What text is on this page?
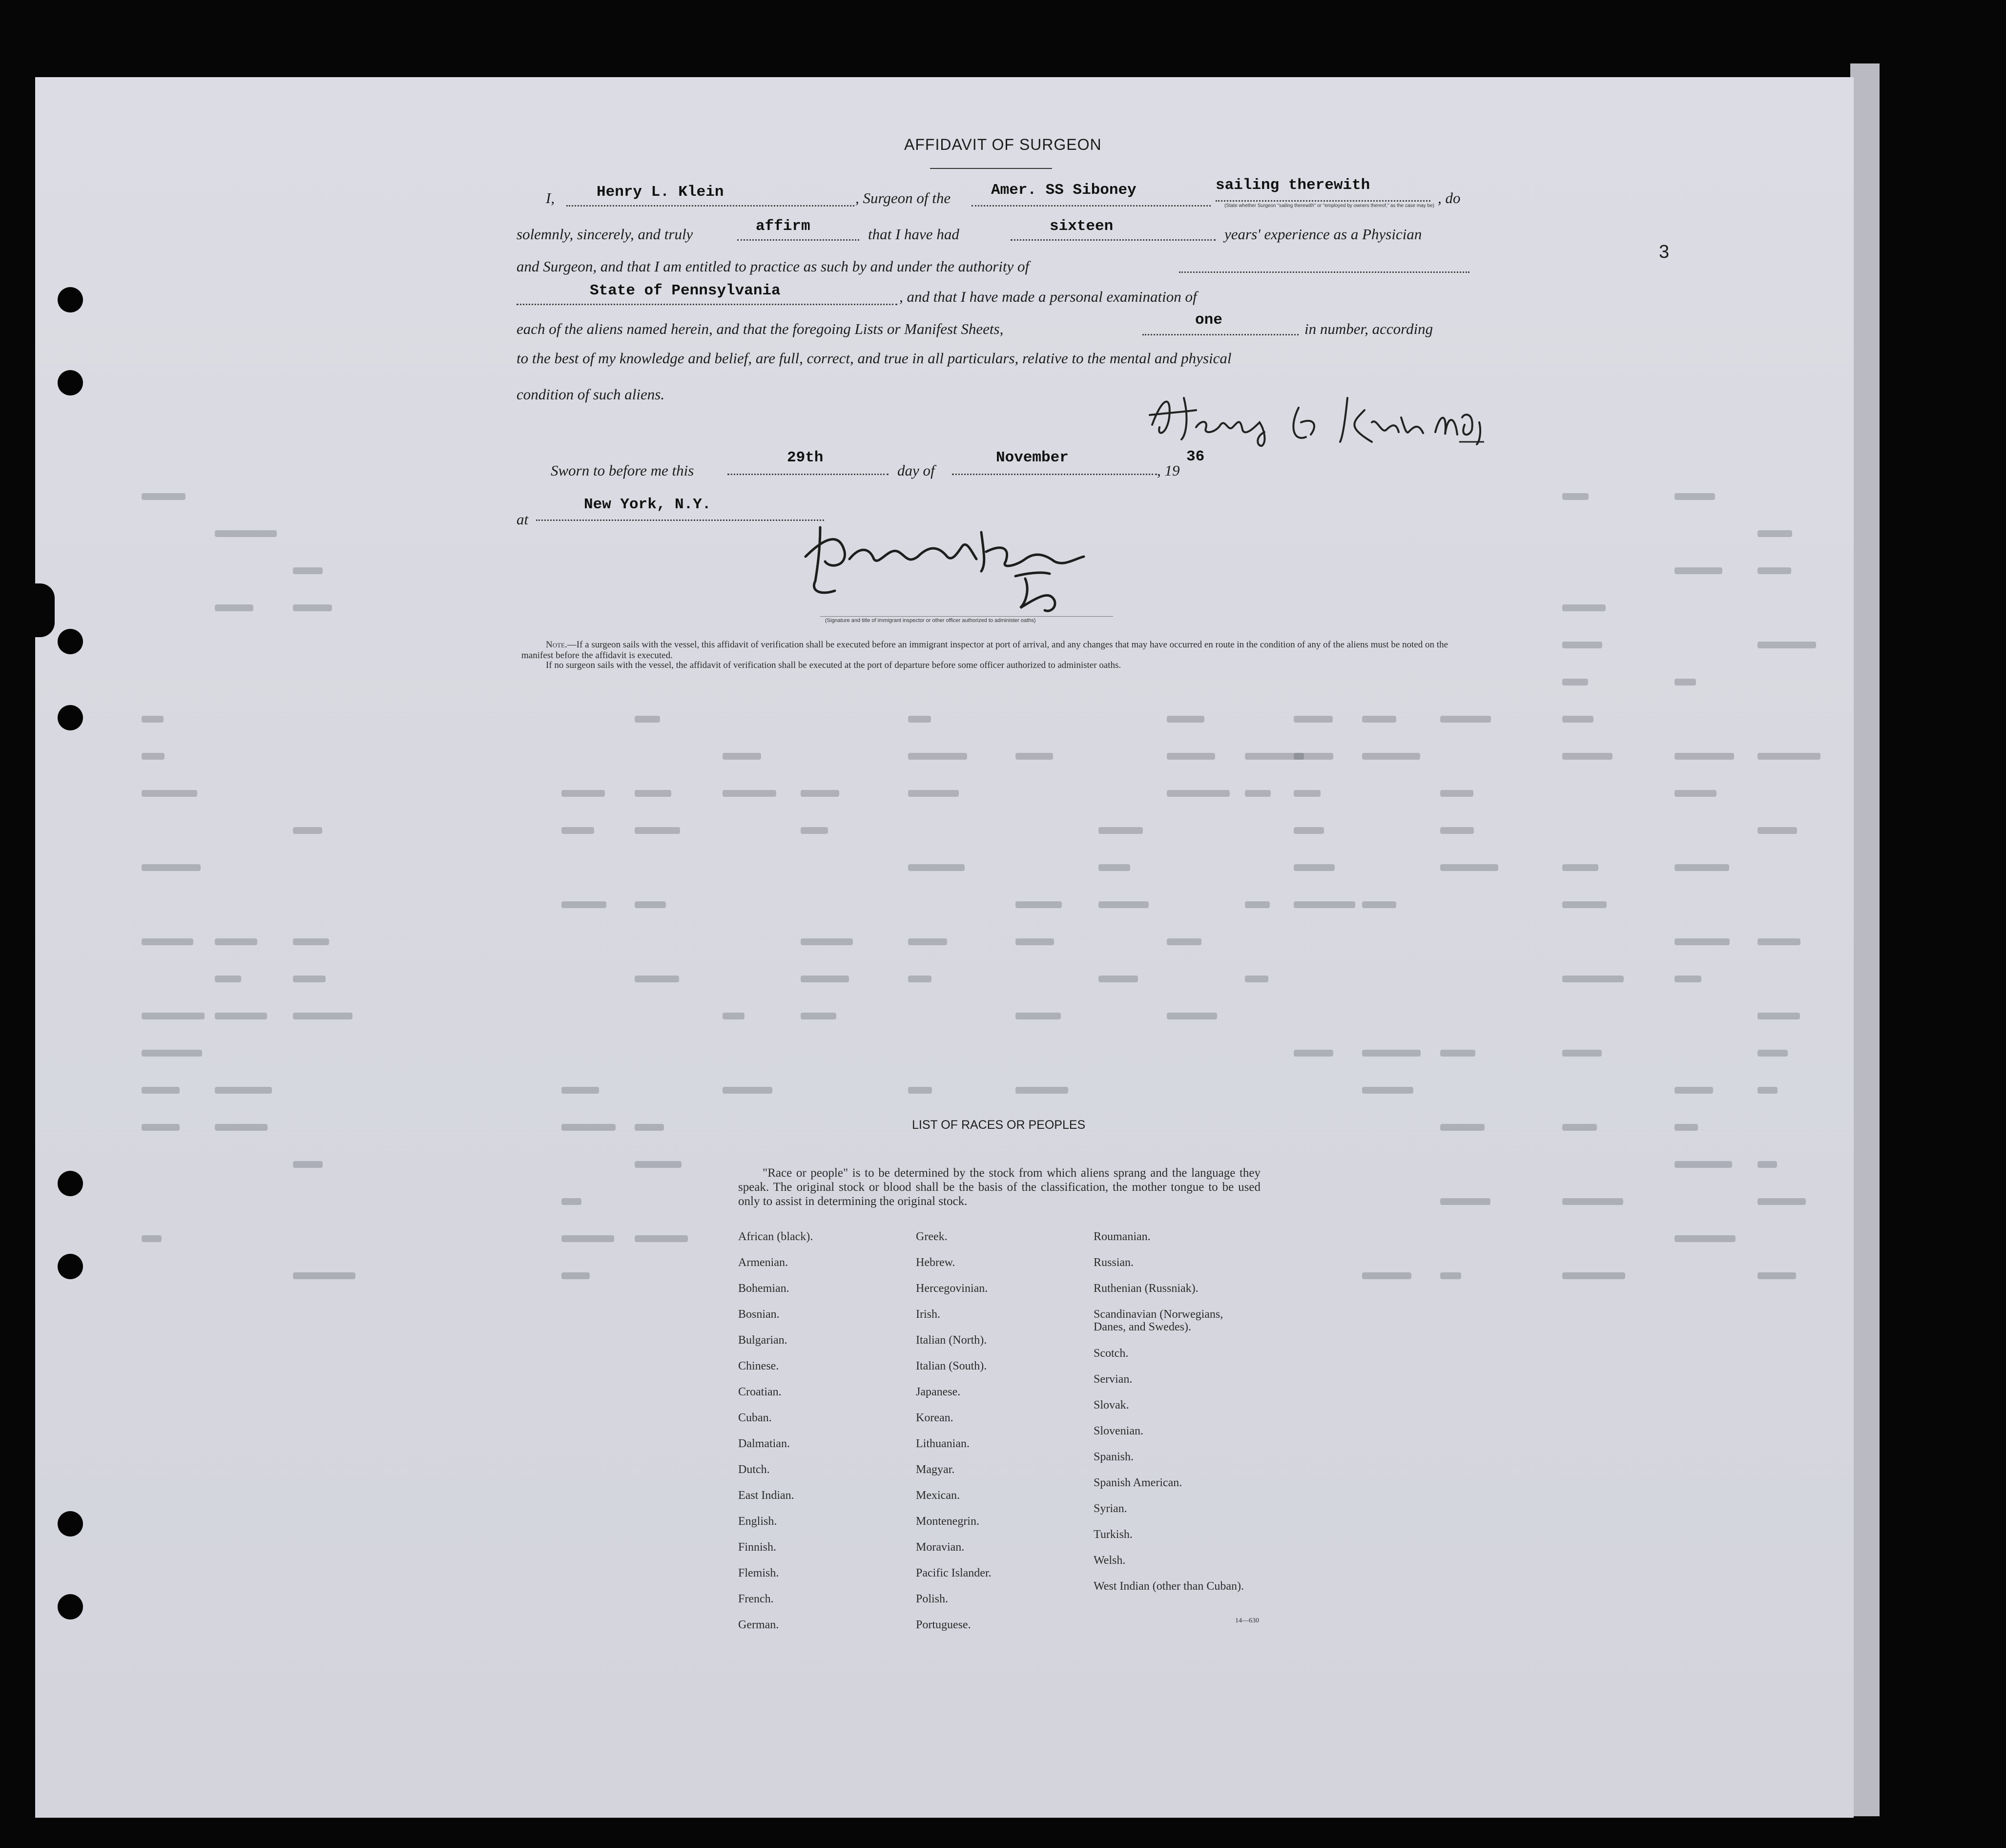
3
AFFIDAVIT OF SURGEON
I,	Henry L. Klein	, Surgeon of the	Amer. SS Siboney	sailing therewith
, do
(State whether Surgeon "sailing therewith" or "employed by owners thereof," as the case may be)
solemnly, sincerely, and truly	affirm	that I have had	sixteen	years' experience as a Physician
and Surgeon, and that I am entitled to practice as such by and under the authority of
State of Pennsylvania	, and that I have made a personal examination of
each of the aliens named herein, and that the foregoing Lists or Manifest Sheets,
one
in number, according
to the best of my knowledge and belief, are full, correct, and true in all particulars, relative to the mental and physical
condition of such aliens.
Sworn to before me this
29th
day of
November
, 19
36
at
New York, N.Y.
(Signature and title of immigrant inspector or other officer authorized to administer oaths)
Note.—If a surgeon sails with the vessel, this affidavit of verification shall be executed before an immigrant inspector at port of arrival, and any changes that may have occurred en route in the condition of any of the aliens must be noted on the manifest before the affidavit is executed.
If no surgeon sails with the vessel, the affidavit of verification shall be executed at the port of departure before some officer authorized to administer oaths.
LIST OF RACES OR PEOPLES
"Race or people" is to be determined by the stock from which aliens sprang and the language they speak. The original stock or blood shall be the basis of the classification, the mother tongue to be used only to assist in determining the original stock.
African (black).
Armenian.
Bohemian.
Bosnian.
Bulgarian.
Chinese.
Croatian.
Cuban.
Dalmatian.
Dutch.
East Indian.
English.
Finnish.
Flemish.
French.
German.
Greek.
Hebrew.
Hercegovinian.
Irish.
Italian (North).
Italian (South).
Japanese.
Korean.
Lithuanian.
Magyar.
Mexican.
Montenegrin.
Moravian.
Pacific Islander.
Polish.
Portuguese.
Roumanian.
Russian.
Ruthenian (Russniak).
Scandinavian (Norwegians, Danes, and Swedes).
Scotch.
Servian.
Slovak.
Slovenian.
Spanish.
Spanish American.
Syrian.
Turkish.
Welsh.
West Indian (other than Cuban).
14—630
